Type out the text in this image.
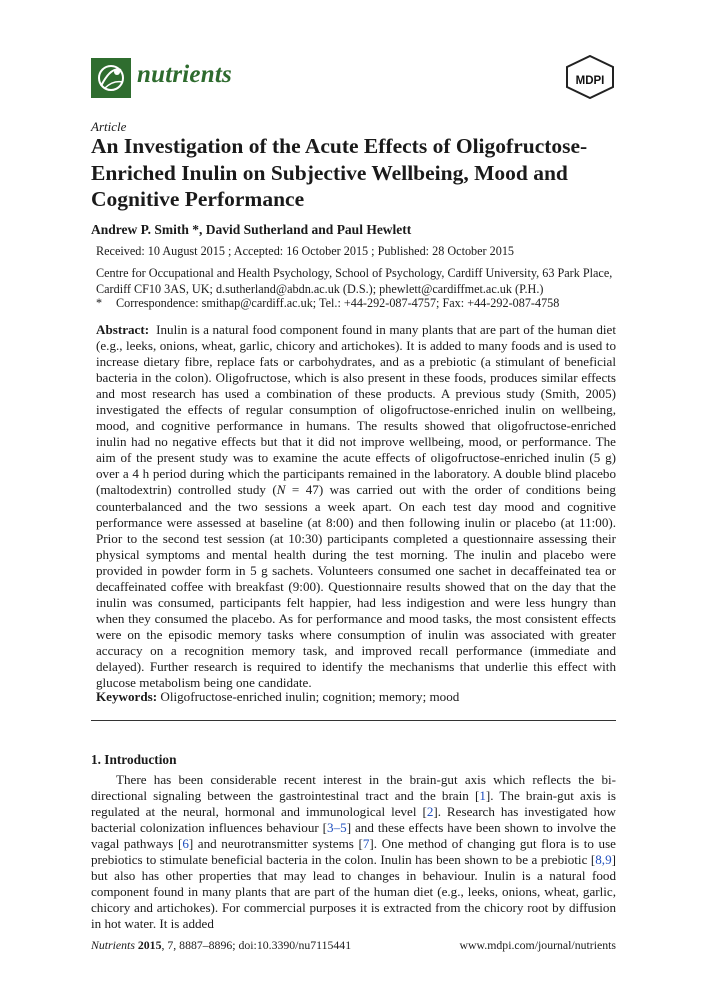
nutrients	MDPI
Article
An Investigation of the Acute Effects of Oligofructose-Enriched Inulin on Subjective Wellbeing, Mood and Cognitive Performance
Andrew P. Smith *, David Sutherland and Paul Hewlett
Received: 10 August 2015 ; Accepted: 16 October 2015 ; Published: 28 October 2015
Centre for Occupational and Health Psychology, School of Psychology, Cardiff University, 63 Park Place, Cardiff CF10 3AS, UK; d.sutherland@abdn.ac.uk (D.S.); phewlett@cardiffmet.ac.uk (P.H.)
* Correspondence: smithap@cardiff.ac.uk; Tel.: +44-292-087-4757; Fax: +44-292-087-4758
Abstract: Inulin is a natural food component found in many plants that are part of the human diet (e.g., leeks, onions, wheat, garlic, chicory and artichokes). It is added to many foods and is used to increase dietary fibre, replace fats or carbohydrates, and as a prebiotic (a stimulant of beneficial bacteria in the colon). Oligofructose, which is also present in these foods, produces similar effects and most research has used a combination of these products. A previous study (Smith, 2005) investigated the effects of regular consumption of oligofructose-enriched inulin on wellbeing, mood, and cognitive performance in humans. The results showed that oligofructose-enriched inulin had no negative effects but that it did not improve wellbeing, mood, or performance. The aim of the present study was to examine the acute effects of oligofructose-enriched inulin (5 g) over a 4 h period during which the participants remained in the laboratory. A double blind placebo (maltodextrin) controlled study (N = 47) was carried out with the order of conditions being counterbalanced and the two sessions a week apart. On each test day mood and cognitive performance were assessed at baseline (at 8:00) and then following inulin or placebo (at 11:00). Prior to the second test session (at 10:30) participants completed a questionnaire assessing their physical symptoms and mental health during the test morning. The inulin and placebo were provided in powder form in 5 g sachets. Volunteers consumed one sachet in decaffeinated tea or decaffeinated coffee with breakfast (9:00). Questionnaire results showed that on the day that the inulin was consumed, participants felt happier, had less indigestion and were less hungry than when they consumed the placebo. As for performance and mood tasks, the most consistent effects were on the episodic memory tasks where consumption of inulin was associated with greater accuracy on a recognition memory task, and improved recall performance (immediate and delayed). Further research is required to identify the mechanisms that underlie this effect with glucose metabolism being one candidate.
Keywords: Oligofructose-enriched inulin; cognition; memory; mood
1. Introduction
There has been considerable recent interest in the brain-gut axis which reflects the bi-directional signaling between the gastrointestinal tract and the brain [1]. The brain-gut axis is regulated at the neural, hormonal and immunological level [2]. Research has investigated how bacterial colonization influences behaviour [3–5] and these effects have been shown to involve the vagal pathways [6] and neurotransmitter systems [7]. One method of changing gut flora is to use prebiotics to stimulate beneficial bacteria in the colon. Inulin has been shown to be a prebiotic [8,9] but also has other properties that may lead to changes in behaviour. Inulin is a natural food component found in many plants that are part of the human diet (e.g., leeks, onions, wheat, garlic, chicory and artichokes). For commercial purposes it is extracted from the chicory root by diffusion in hot water. It is added
Nutrients 2015, 7, 8887–8896; doi:10.3390/nu7115441	www.mdpi.com/journal/nutrients
